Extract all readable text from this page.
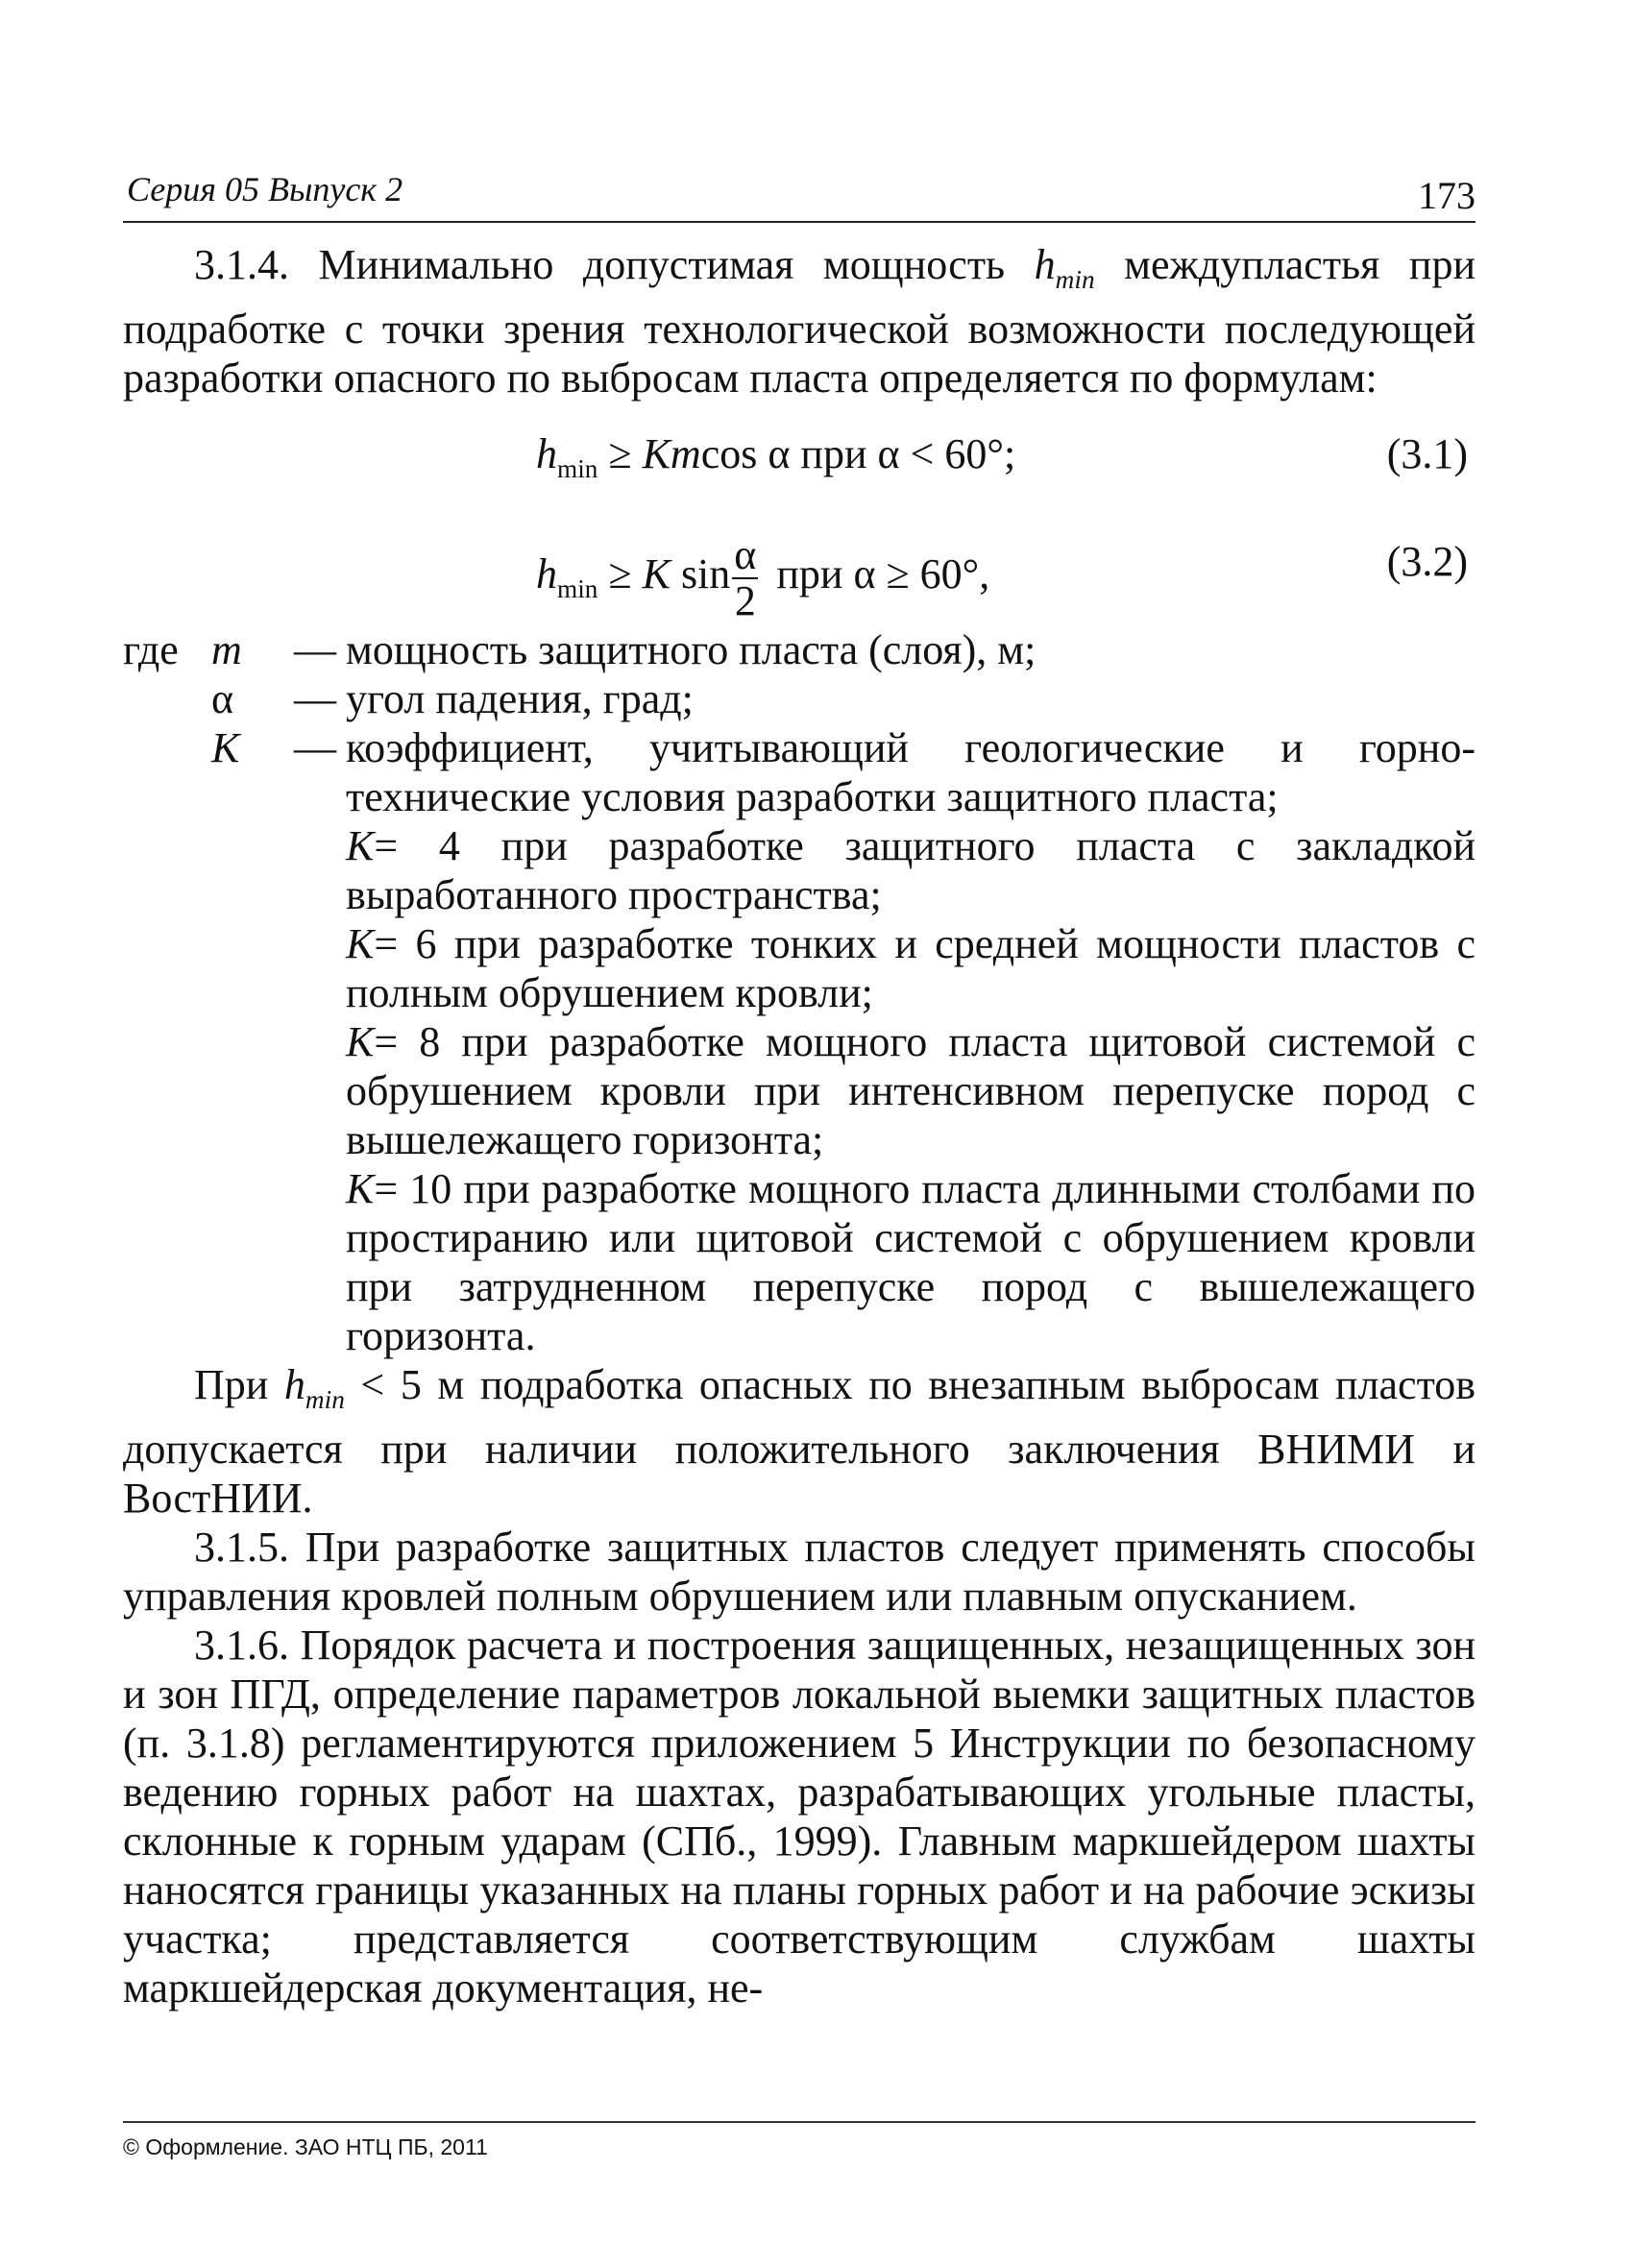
Серия 05 Выпуск 2	173

3.1.4. Минимально допустимая мощность $h_{min}$ междупластья при подработке с точки зрения технологической возможности последующей разработки опасного по выбросам пласта определяется по формулам:

$h_{min} \ge Kmcos$ α при α < 60°;	(3.1)
$h_{min} \ge K$ $\sin \frac{\alpha}{2}$ при α ≥ 60°,	(3.2)
где m — мощность защитного пласта (слоя), м;
α — угол падения, град;
K — коэффициент, учитывающий геологические и горно-технические условия разработки защитного пласта;

K= 4 при разработке защитного пласта с закладкой выработанного пространства;

K= 6 при разработке тонких и средней мощности пластов с полным обрушением кровли;

K= 8 при разработке мощного пласта щитовой системой с обрушением кровли при интенсивном перепуске пород с вышележащего горизонта;

K= 10 при разработке мощного пласта длинными столбами по простиранию или щитовой системой с обрушением кровли при затрудненном перепуске пород с вышележащего горизонта.

При $h_{min} < 5$ м подработка опасных по внезапным выбросам пластов допускается при наличии положительного заключения ВНИМИ и ВостНИИ.

3.1.5. При разработке защитных пластов следует применять способы управления кровлей полным обрушением или плавным опусканием.

3.1.6. Порядок расчета и построения защищенных, незащищенных зон и зон ПГД, определение параметров локальной выемки защитных пластов (п. 3.1.8) регламентируются приложением 5 Инструкции по безопасному ведению горных работ на шахтах, разрабатывающих угольные пласты, склонные к горным ударам (СПб., 1999). Главным маркшейдером шахты наносятся границы указанных на планы горных работ и на рабочие эскизы участка; представляется соответствующим службам шахты маркшейдерская документация, не-

© Оформление. ЗАО НТЦ ПБ, 2011
